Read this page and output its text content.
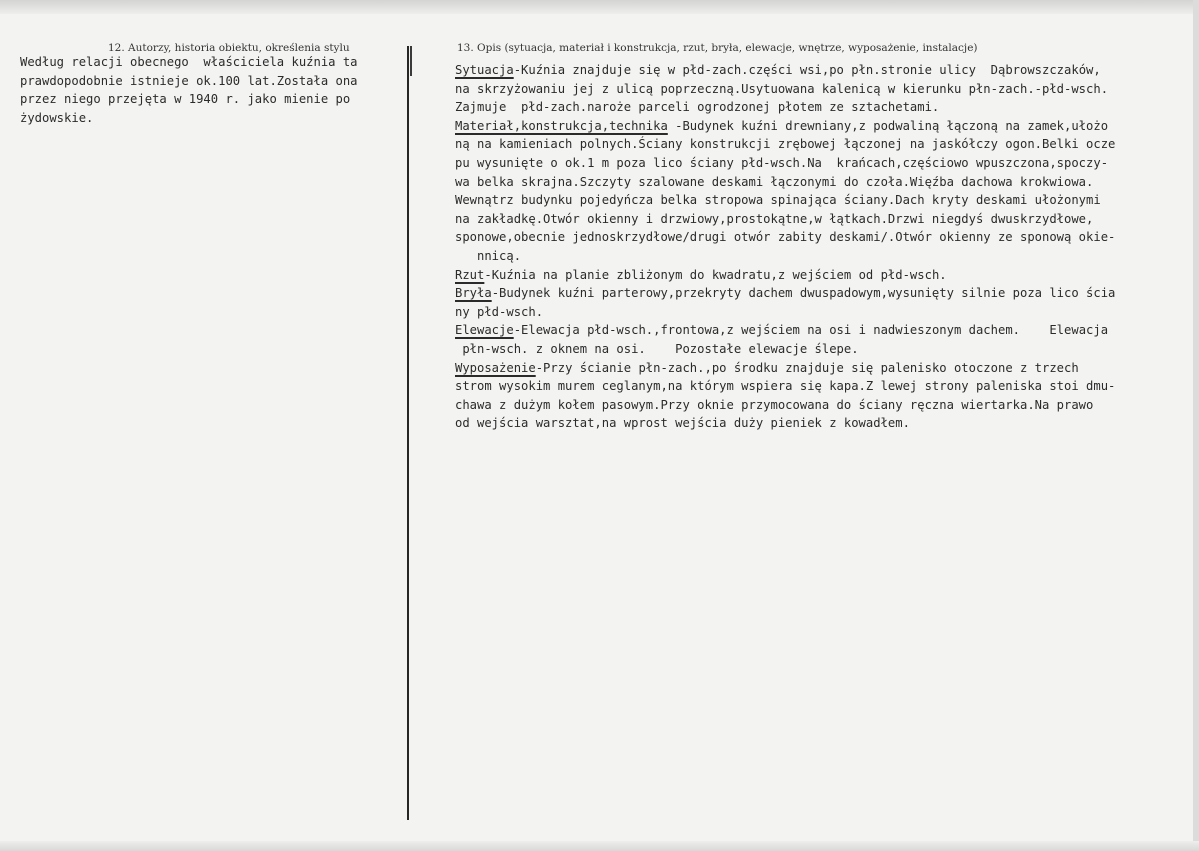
12. Autorzy, historia obiektu, określenia stylu	13. Opis (sytuacja, materiał i konstrukcja, rzut, bryła, elewacje, wnętrze, wyposażenie, instalacje)
Według relacji obecnego  właściciela kuźnia ta
prawdopodobnie istnieje ok.100 lat.Została ona
przez niego przejęta w 1940 r. jako mienie po
żydowskie.
Sytuacja-Kuźnia znajduje się w płd-zach.części wsi,po płn.stronie ulicy  Dąbrowszczaków,
na skrzyżowaniu jej z ulicą poprzeczną.Usytuowana kalenicą w kierunku płn-zach.-płd-wsch.
Zajmuje  płd-zach.naroże parceli ogrodzonej płotem ze sztachetami.
Materiał,konstrukcja,technika -Budynek kuźni drewniany,z podwaliną łączoną na zamek,ułożo
ną na kamieniach polnych.Ściany konstrukcji zrębowej łączonej na jaskółczy ogon.Belki ocze
pu wysunięte o ok.1 m poza lico ściany płd-wsch.Na  krańcach,częściowo wpuszczona,spoczy-
wa belka skrajna.Szczyty szalowane deskami łączonymi do czoła.Więźba dachowa krokwiowa.
Wewnątrz budynku pojedyńcza belka stropowa spinająca ściany.Dach kryty deskami ułożonymi
na zakładkę.Otwór okienny i drzwiowy,prostokątne,w łątkach.Drzwi niegdyś dwuskrzydłowe,
sponowe,obecnie jednoskrzydłowe/drugi otwór zabity deskami/.Otwór okienny ze sponową okie-
nnicą.
Rzut-Kuźnia na planie zbliżonym do kwadratu,z wejściem od płd-wsch.
Bryła-Budynek kuźni parterowy,przekryty dachem dwuspadowym,wysunięty silnie poza lico ścia
ny płd-wsch.
Elewacje-Elewacja płd-wsch.,frontowa,z wejściem na osi i nadwieszonym dachem.    Elewacja
płn-wsch. z oknem na osi.    Pozostałe elewacje ślepe.
Wyposażenie-Przy ścianie płn-zach.,po środku znajduje się palenisko otoczone z trzech
strom wysokim murem ceglanym,na którym wspiera się kapa.Z lewej strony paleniska stoi dmu-
chawa z dużym kołem pasowym.Przy oknie przymocowana do ściany ręczna wiertarka.Na prawo
od wejścia warsztat,na wprost wejścia duży pieniek z kowadłem.
